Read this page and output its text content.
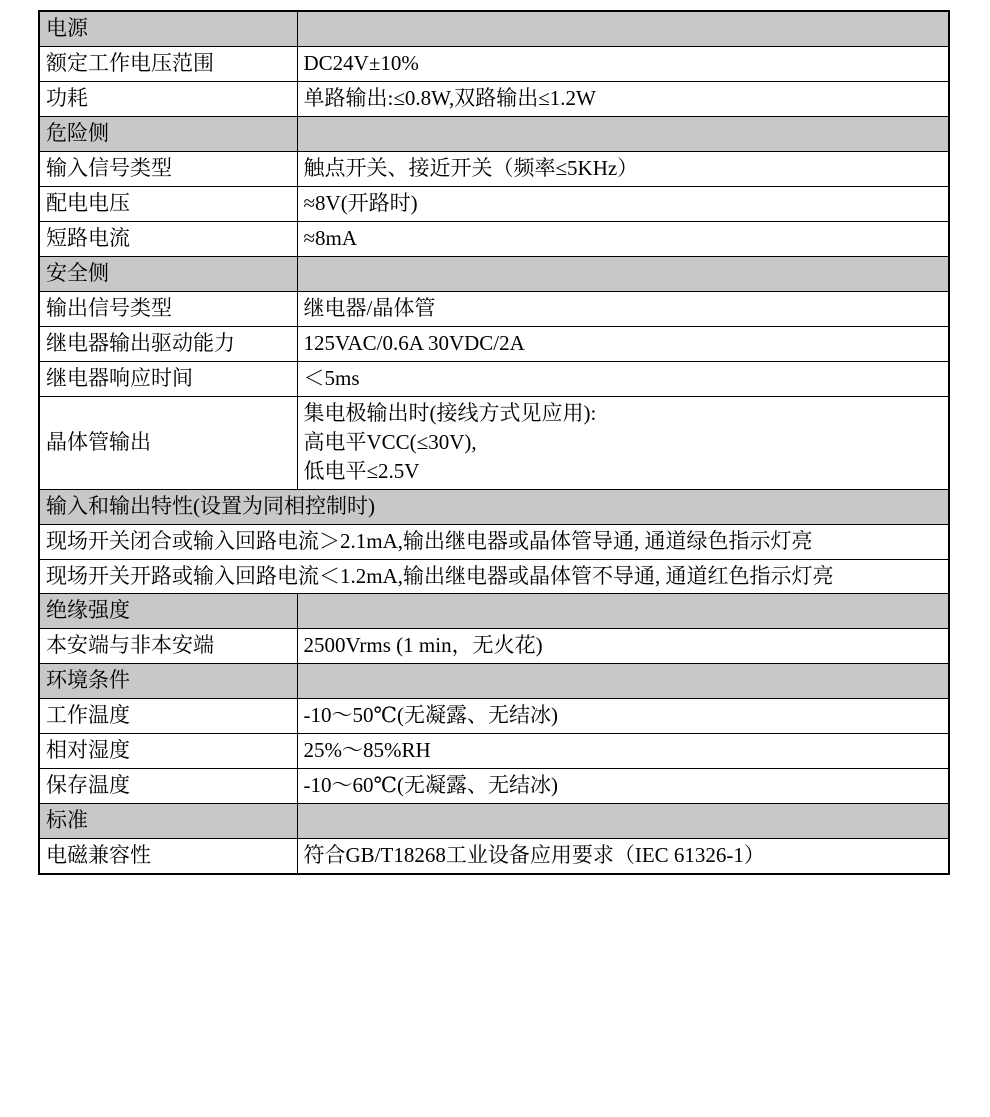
电源	
额定工作电压范围	DC24V±10%
功耗	单路输出:≤0.8W,双路输出≤1.2W
危险侧	
输入信号类型	触点开关、接近开关（频率≤5KHz）
配电电压	≈8V(开路时)
短路电流	≈8mA
安全侧	
输出信号类型	继电器/晶体管
继电器输出驱动能力	125VAC/0.6A 30VDC/2A
继电器响应时间	＜5ms
晶体管输出	集电极输出时(接线方式见应用):
高电平VCC(≤30V),
低电平≤2.5V

输入和输出特性(设置为同相控制时)	
现场开关闭合或输入回路电流＞2.1mA,输出继电器或晶体管导通, 通道绿色指示灯亮	
现场开关开路或输入回路电流＜1.2mA,输出继电器或晶体管不导通, 通道红色指示灯亮	
绝缘强度	
本安端与非本安端	2500Vrms (1 min，无火花)
环境条件	
工作温度	-10～50℃(无凝露、无结冰)
相对湿度	25%～85%RH
保存温度	-10～60℃(无凝露、无结冰)
标准	
电磁兼容性	符合GB/T18268工业设备应用要求（IEC 61326-1）
